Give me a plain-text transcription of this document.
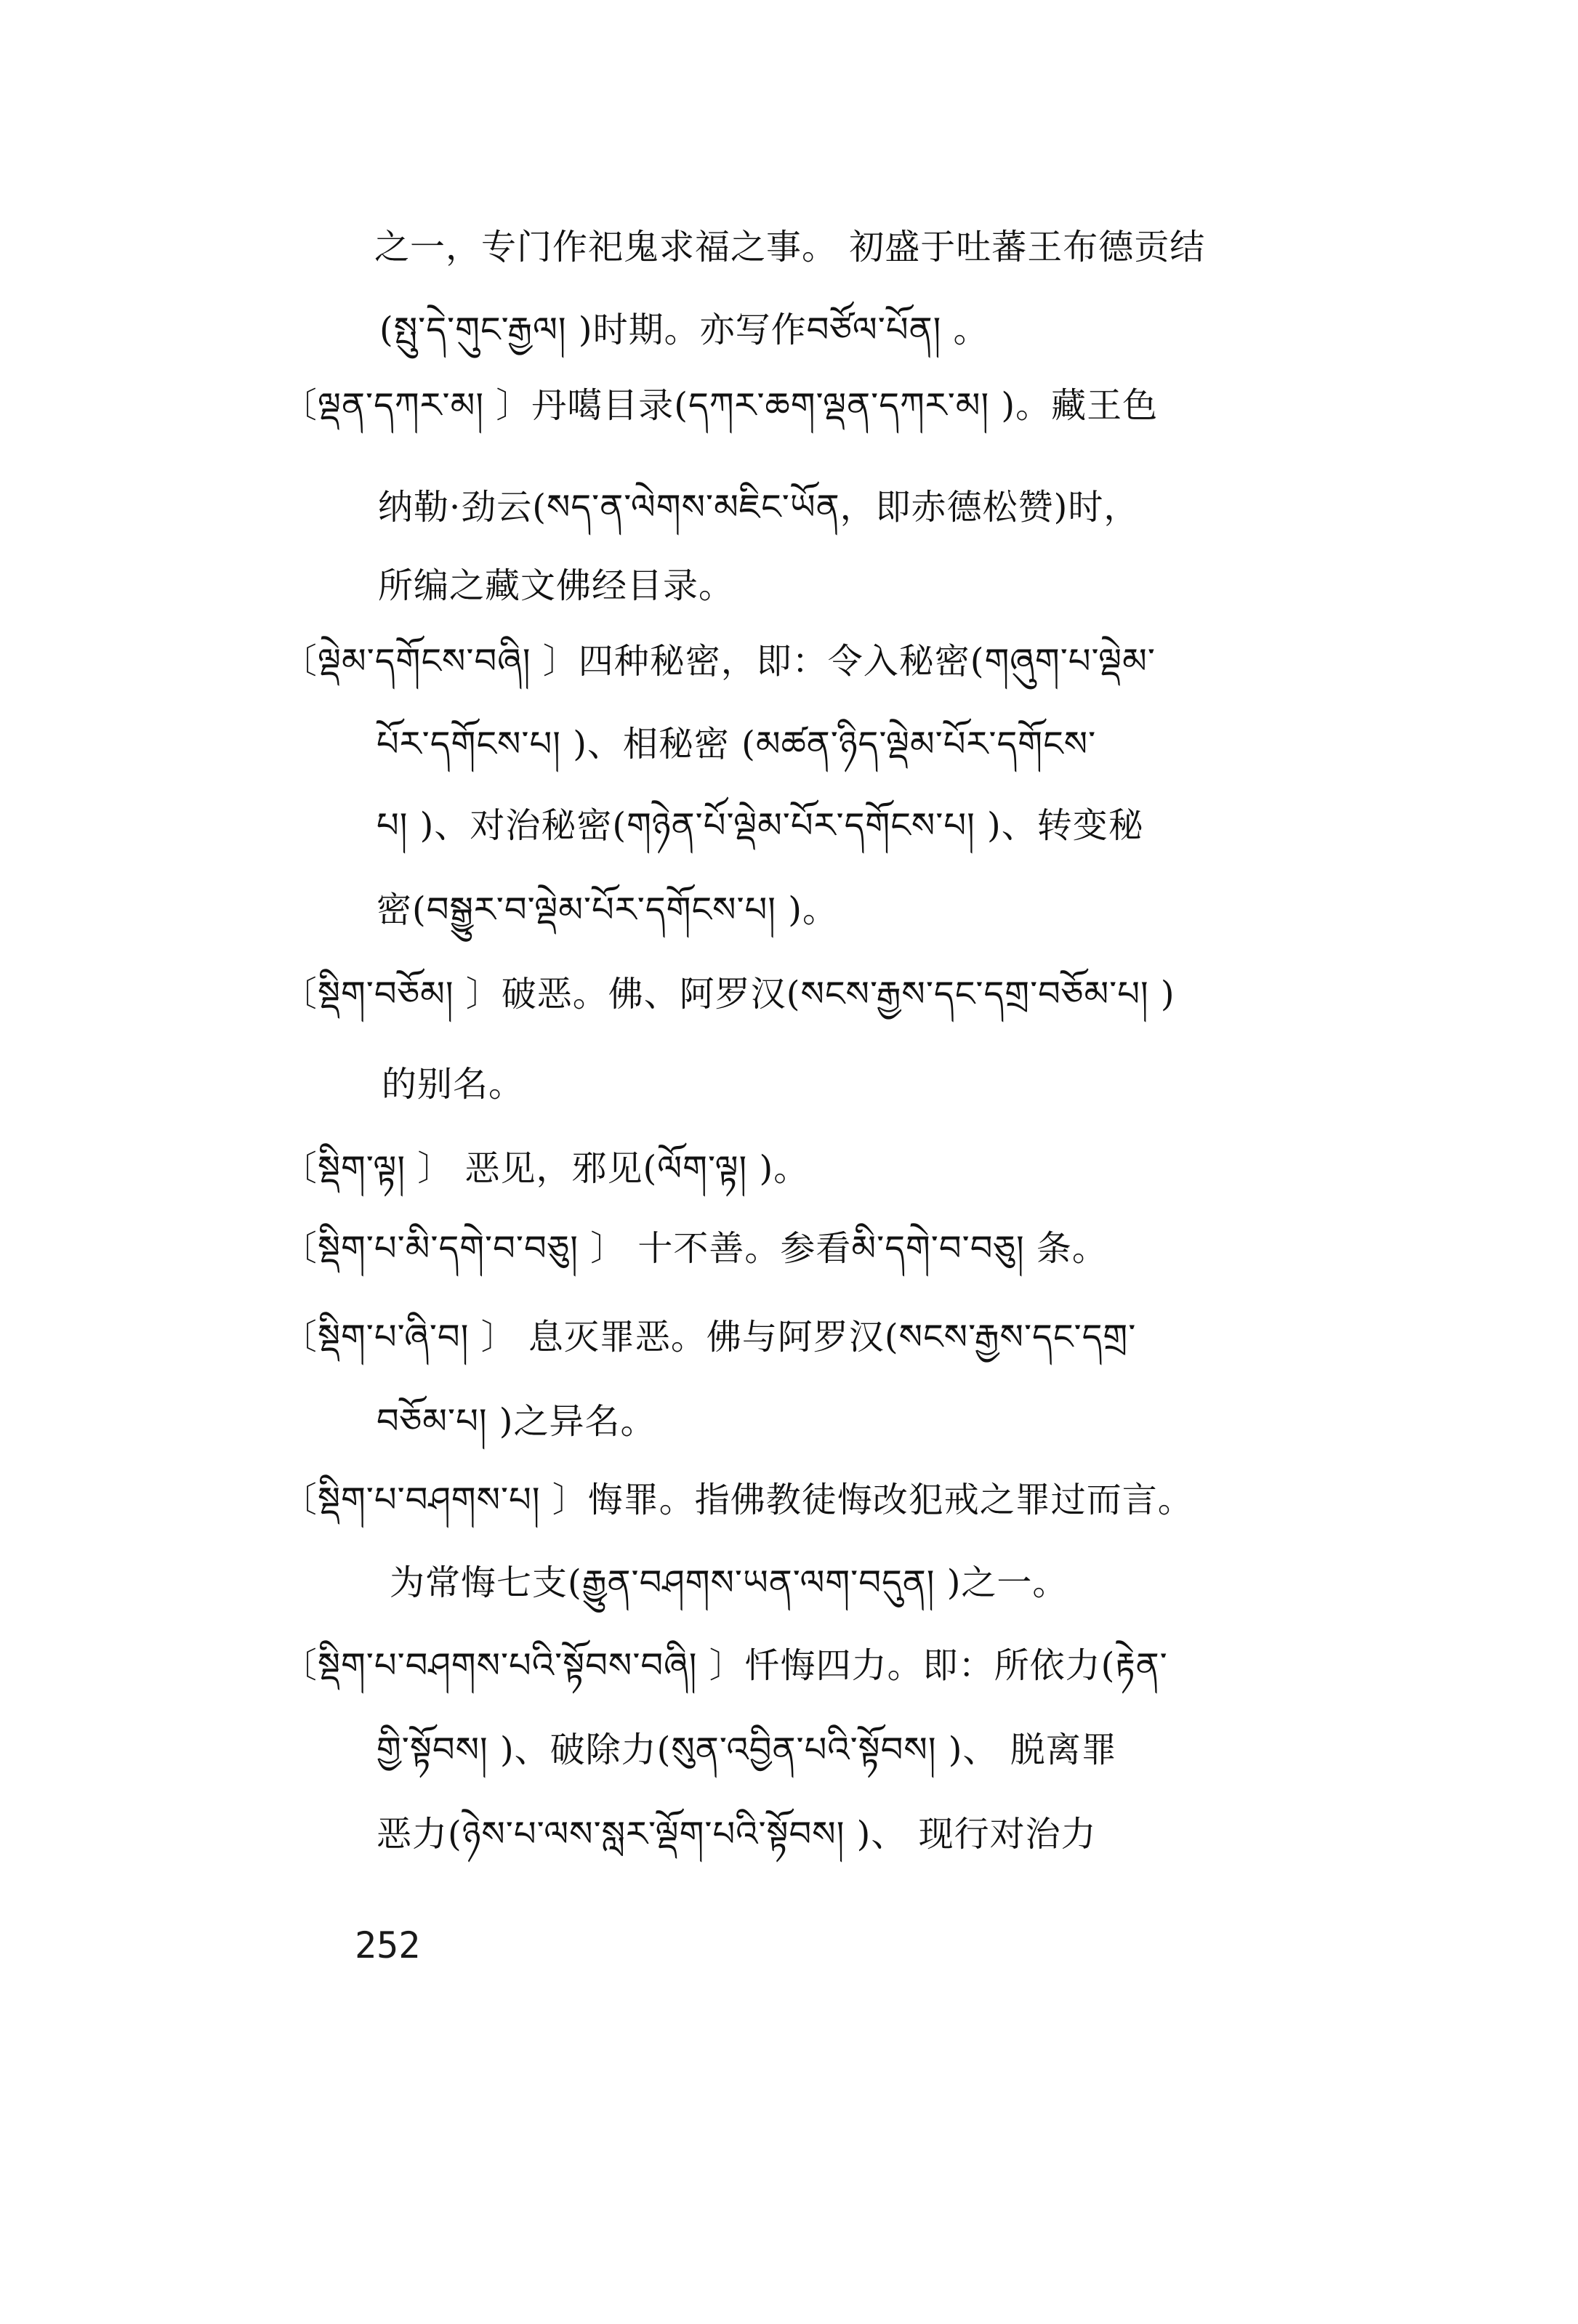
之一，专门作祀鬼求福之事。 初盛于吐蕃王布德贡结
(སྤུ་དེ་གུང་རྒྱལ། )时期。亦写作བཙོལ་པོན། 。
〔ལྡན་དཀར་མ། 〕丹噶目录(དཀར་ཆག་ལྡན་དཀར་མ། )。藏王色
纳勒·劲云(སད་ན་ལེགས་མཇིང་ཡོན，即赤德松赞)时，
所编之藏文佛经目录。
〔ལྡེམ་དགོངས་བཞི། 〕四种秘密，即：令入秘密(གཞུག་པ་ལྡེམ་
པོར་དགོངས་པ། )、相秘密 (མཚན་ཉིད་ལྡེམ་པོར་དགོངས་
པ། )、对治秘密(གཉེན་པོ་ལྡེམ་པོར་དགོངས་པ། )、转变秘
密(བསྒྱུར་བ་ལྡེམ་པོར་དགོངས་པ། )。
〔སྡིག་བཅོམ། 〕破恶。佛、阿罗汉(སངས་རྒྱས་དང་དགྲ་བཅོམ་པ། )
的别名。
〔སྡིག་ལྟ། 〕 恶见，邪见(ལོག་ལྟ། )。
〔སྡིག་པ་མི་དགེ་བ་བཅུ། 〕 十不善。参看མི་དགེ་བ་བཅུ། 条。
〔སྡིག་པ་ཞི་བ། 〕 息灭罪恶。佛与阿罗汉(སངས་རྒྱས་དང་དགྲ་
བཅོམ་པ། )之异名。
〔སྡིག་པ་བཤགས་པ། 〕悔罪。指佛教徒悔改犯戒之罪过而言。
为常悔七支(རྒྱུན་བཤགས་ཡན་ལག་བདུན། )之一。
〔སྡིག་པ་བཤགས་པའི་སྟོབས་བཞི། 〕忏悔四力。即：所依力(རྟེན་
གྱི་སྟོབས། )、破除力(སུན་འབྱིན་པའི་སྟོབས། )、 脱离罪
恶力(ཉེས་པ་ལས་སླར་ལྡོག་པའི་སྟོབས། )、 现行对治力
252
